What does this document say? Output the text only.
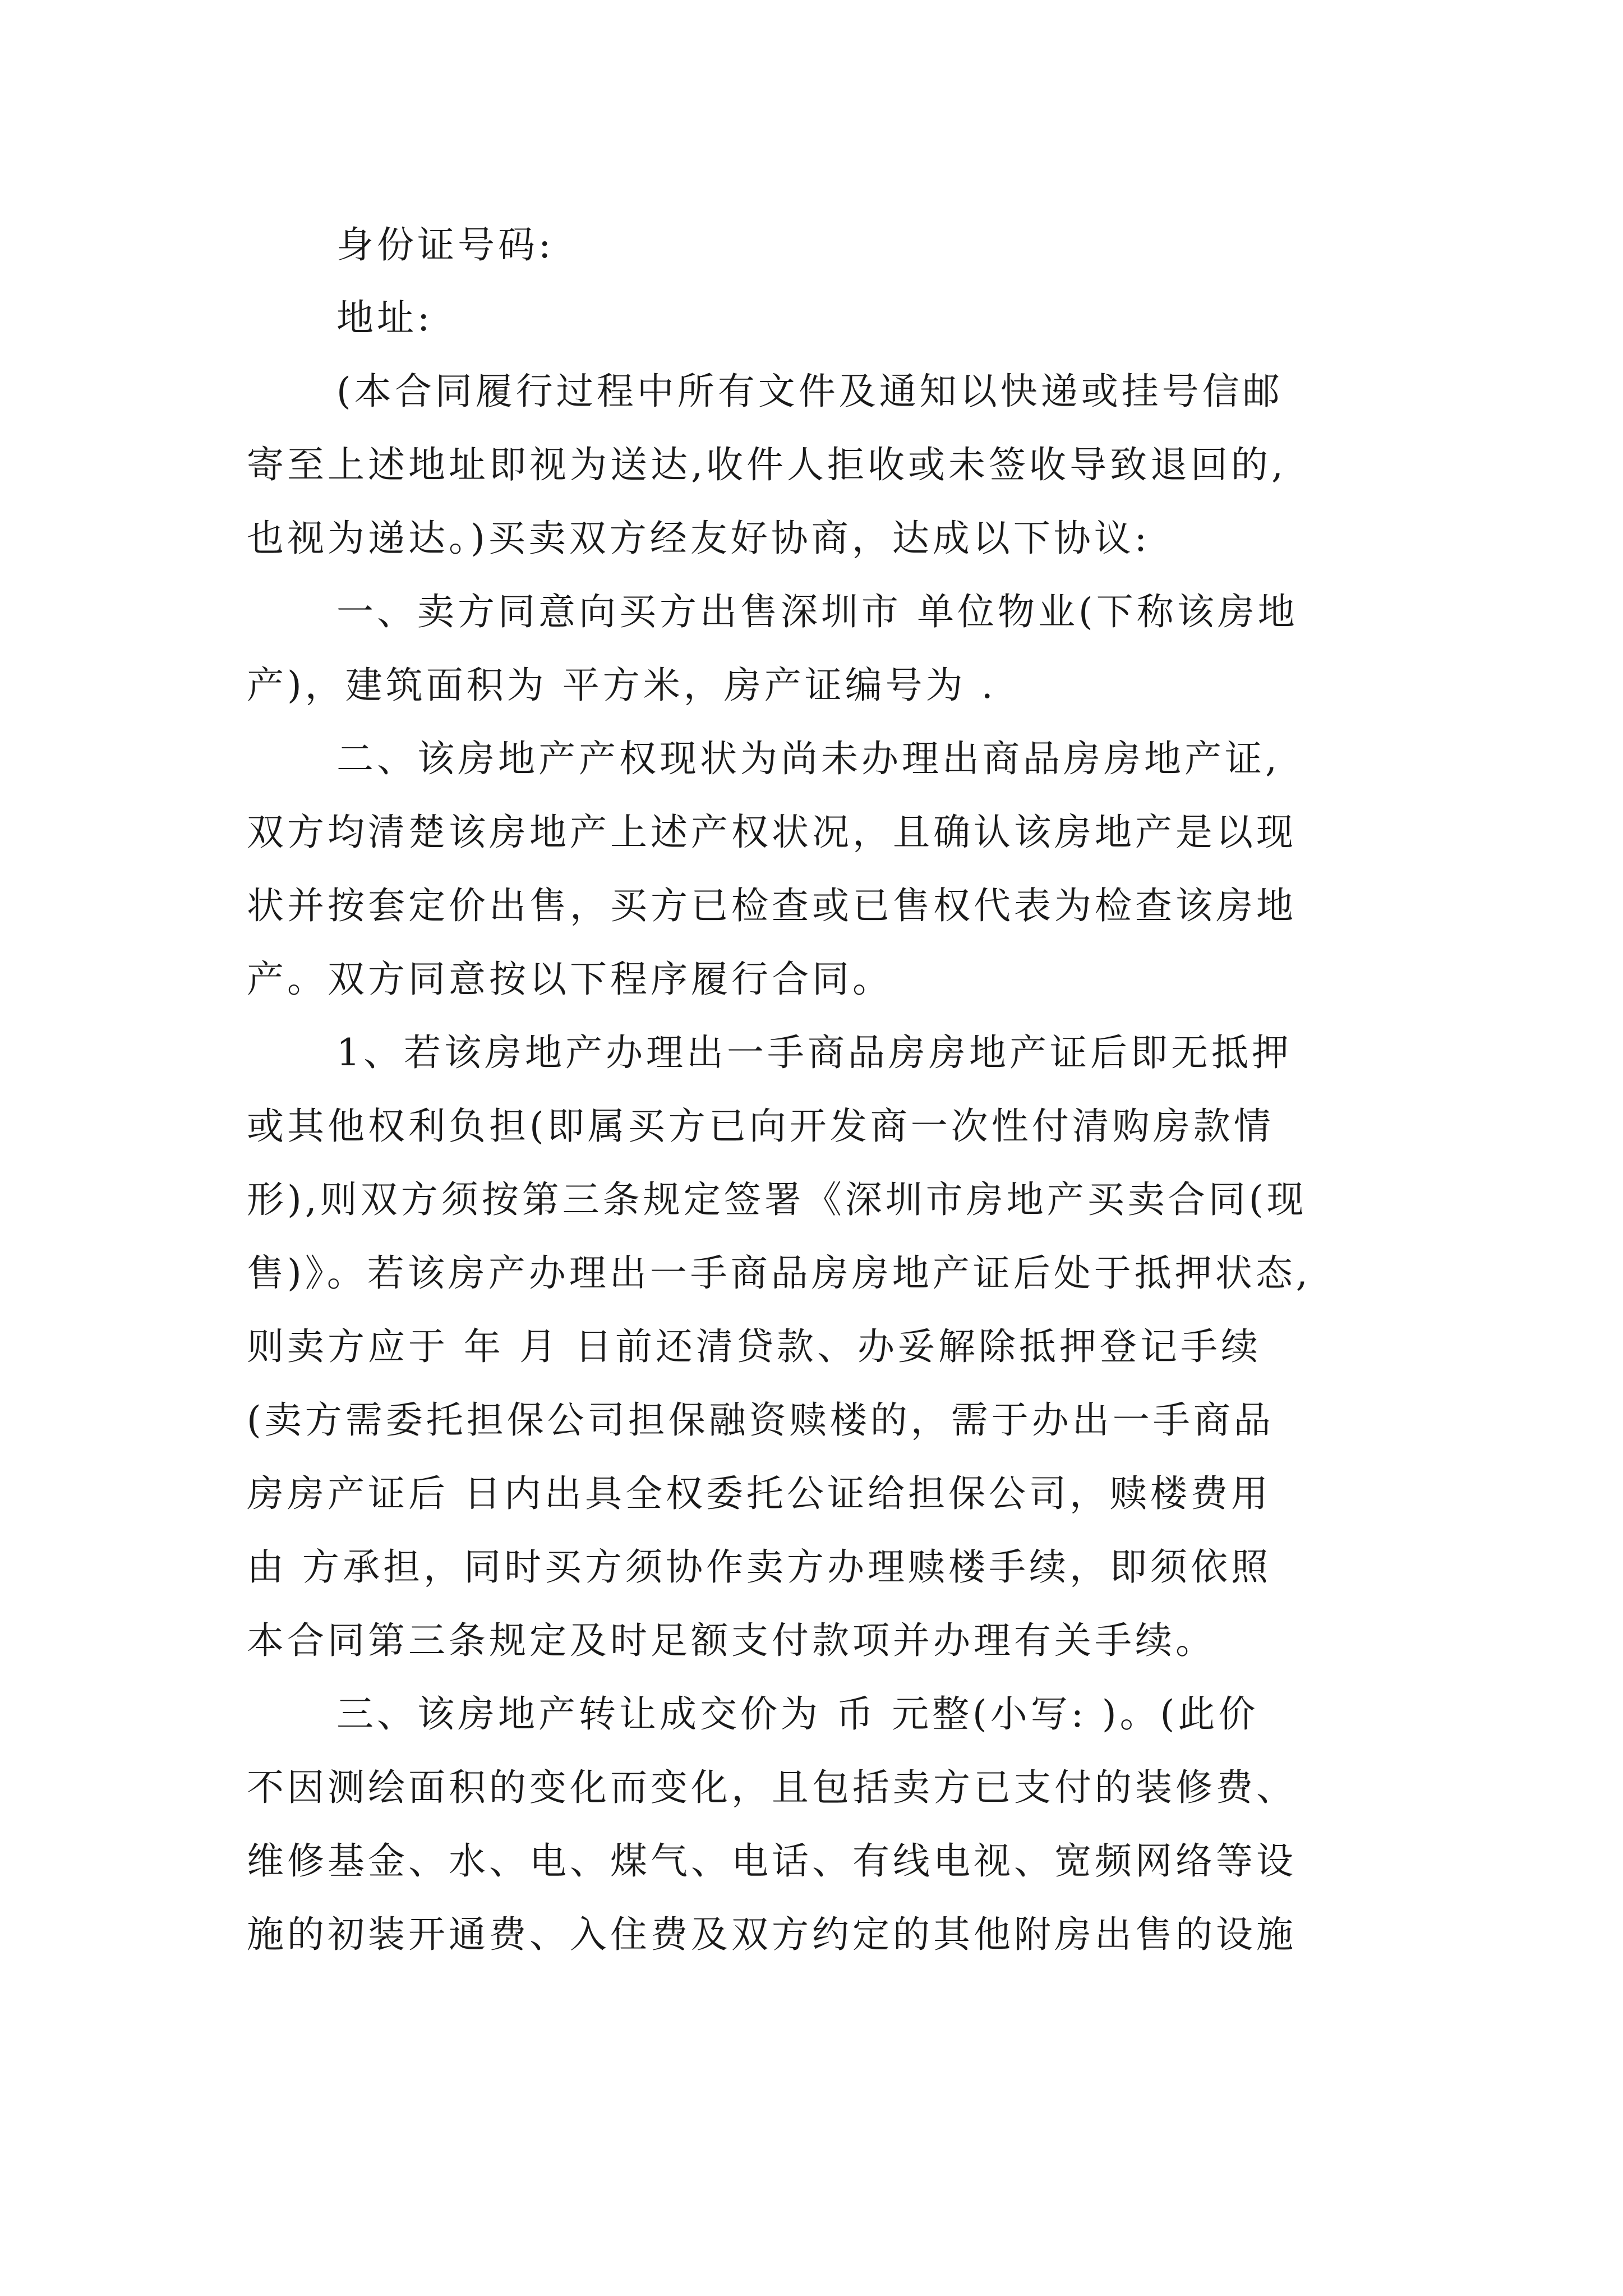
身份证号码:

地址:

(本合同履行过程中所有文件及通知以快递或挂号信邮

寄至上述地址即视为送达,收件人拒收或未签收导致退回的,

也视为递达。)买卖双方经友好协商，达成以下协议:

一、卖方同意向买方出售深圳市 单位物业(下称该房地

产)，建筑面积为 平方米，房产证编号为 .

二、该房地产产权现状为尚未办理出商品房房地产证,

双方均清楚该房地产上述产权状况，且确认该房地产是以现

状并按套定价出售，买方已检查或已售权代表为检查该房地

产。双方同意按以下程序履行合同。

1、若该房地产办理出一手商品房房地产证后即无抵押

或其他权利负担(即属买方已向开发商一次性付清购房款情

形),则双方须按第三条规定签署《深圳市房地产买卖合同(现

售)》。若该房产办理出一手商品房房地产证后处于抵押状态,

则卖方应于 年 月 日前还清贷款、办妥解除抵押登记手续

(卖方需委托担保公司担保融资赎楼的，需于办出一手商品

房房产证后 日内出具全权委托公证给担保公司，赎楼费用

由 方承担，同时买方须协作卖方办理赎楼手续，即须依照

本合同第三条规定及时足额支付款项并办理有关手续。

三、该房地产转让成交价为 币 元整(小写: )。(此价

不因测绘面积的变化而变化，且包括卖方已支付的装修费、

维修基金、水、电、煤气、电话、有线电视、宽频网络等设

施的初装开通费、入住费及双方约定的其他附房出售的设施
